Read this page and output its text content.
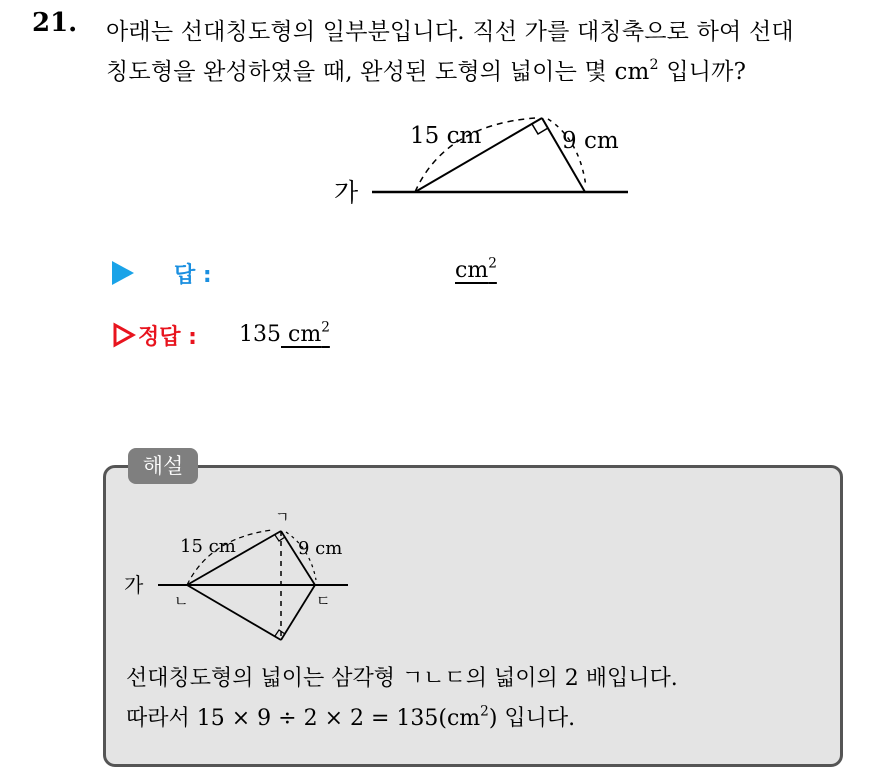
21. 아래는 선대칭도형의 일부분입니다. 직선 가를 대칭축으로 하여 선대
칭도형을 완성하였을 때, 완성된 도형의 넓이는 몇 $cm^2$ 입니까?
15 cm	9 cm
가
답 :	$cm^2$
정답 : 135 $cm^2$
해설
15 cm	9 cm
가
ㄱ
ㄴ	ㄷ
선대칭도형의 넓이는 삼각형 ㄱㄴㄷ의 넓이의 2 배입니다.
따라서 $15 \times 9 \div 2 \times 2 = 135(cm^2)$ 입니다.
